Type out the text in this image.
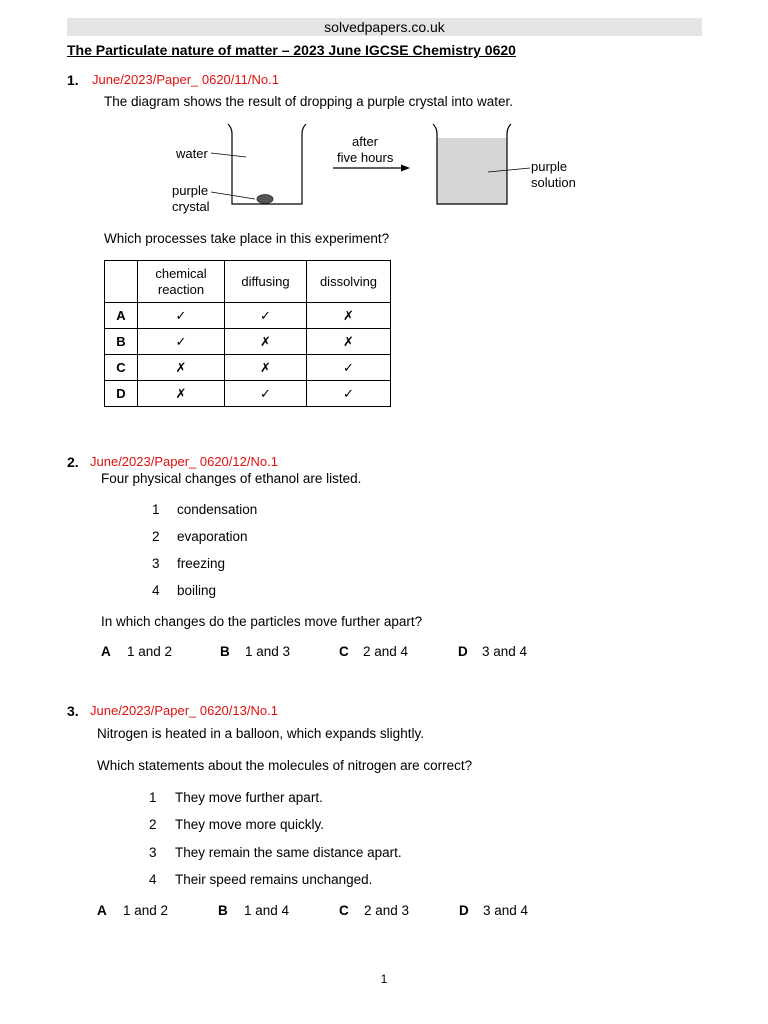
solvedpapers.co.uk
The Particulate nature of matter – 2023 June IGCSE Chemistry 0620
1. June/2023/Paper_ 0620/11/No.1
The diagram shows the result of dropping a purple crystal into water.
water
purple
crystal
after
five hours
purple
solution
Which processes take place in this experiment?
	chemical
reaction	diffusing	dissolving
A	✓	✓	✗
B	✓	✗	✗
C	✗	✗	✓
D	✗	✓	✓
2. June/2023/Paper_ 0620/12/No.1
Four physical changes of ethanol are listed.
1 condensation
2 evaporation
3 freezing
4 boiling
In which changes do the particles move further apart?
A 1 and 2	B 1 and 3	C 2 and 4	D 3 and 4
3. June/2023/Paper_ 0620/13/No.1
Nitrogen is heated in a balloon, which expands slightly.
Which statements about the molecules of nitrogen are correct?
1 They move further apart.
2 They move more quickly.
3 They remain the same distance apart.
4 Their speed remains unchanged.
A 1 and 2	B 1 and 4	C 2 and 3	D 3 and 4
1
